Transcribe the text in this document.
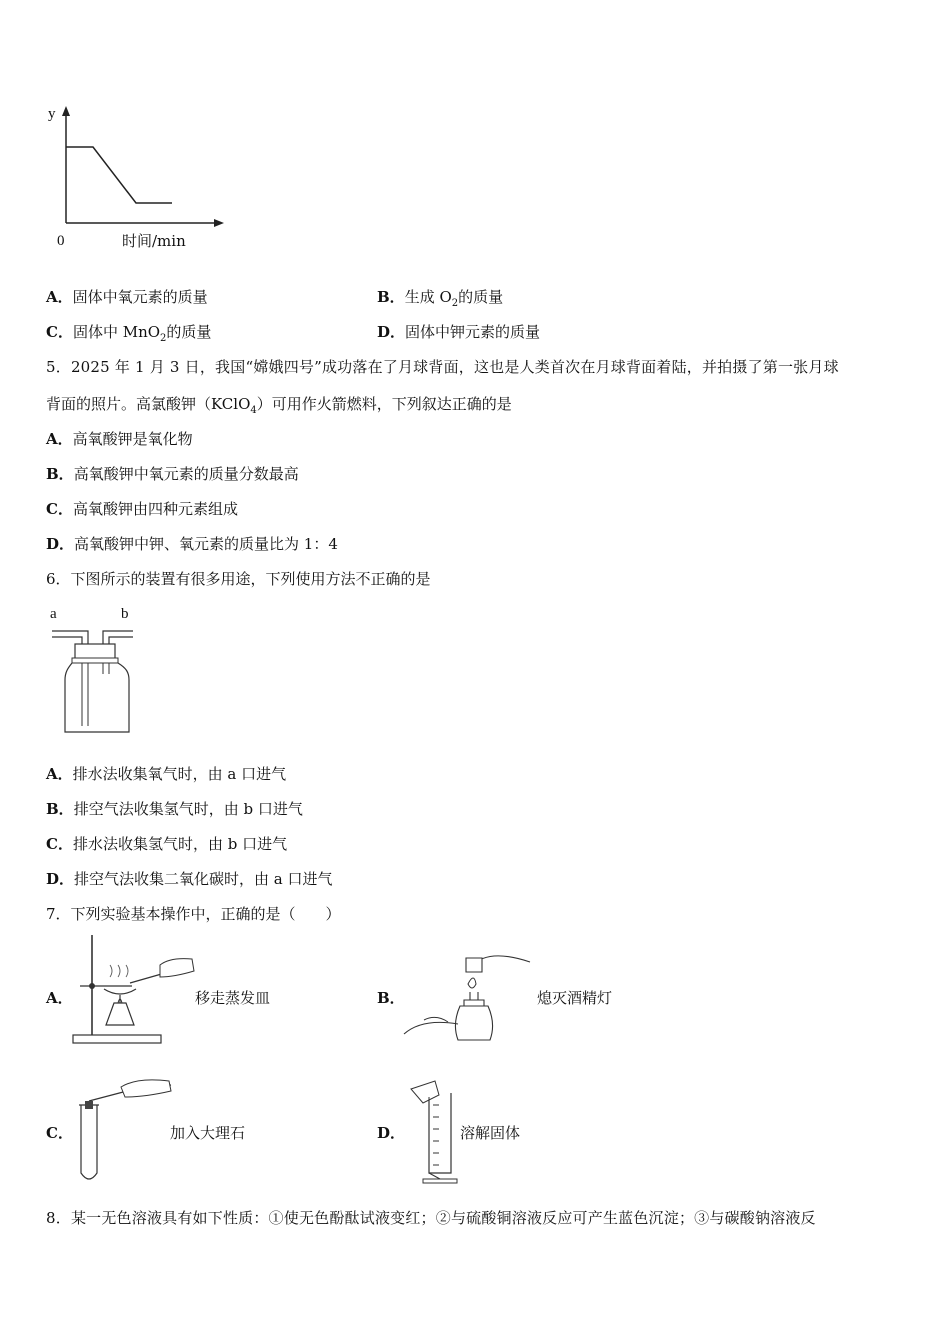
y
0	时间/min
A．固体中氧元素的质量	B．生成 $O_2$的质量
C．固体中 MnO$_2$的质量	D．固体中钾元素的质量
5．2025 年 1 月 3 日，我国“嫦娥四号”成功落在了月球背面，这也是人类首次在月球背面着陆，并拍摄了第一张月球
背面的照片。高氯酸钾（KClO$_4$）可用作火箭燃料，下列叙达正确的是
A．高氧酸钾是氧化物
B．高氧酸钾中氧元素的质量分数最高
C．高氧酸钾由四种元素组成
D．高氧酸钾中钾、氧元素的质量比为 1：4
6．下图所示的装置有很多用途，下列使用方法不正确的是
a	b
A．排水法收集氧气时，由 a 口进气
B．排空气法收集氢气时，由 b 口进气
C．排水法收集氢气时，由 b 口进气
D．排空气法收集二氧化碳时，由 a 口进气
7．下列实验基本操作中，正确的是（　　）
A．	移走蒸发皿	B．	熄灭酒精灯
C．	加入大理石	D．	溶解固体
8．某一无色溶液具有如下性质：①使无色酚酞试液变红；②与硫酸铜溶液反应可产生蓝色沉淀；③与碳酸钠溶液反
